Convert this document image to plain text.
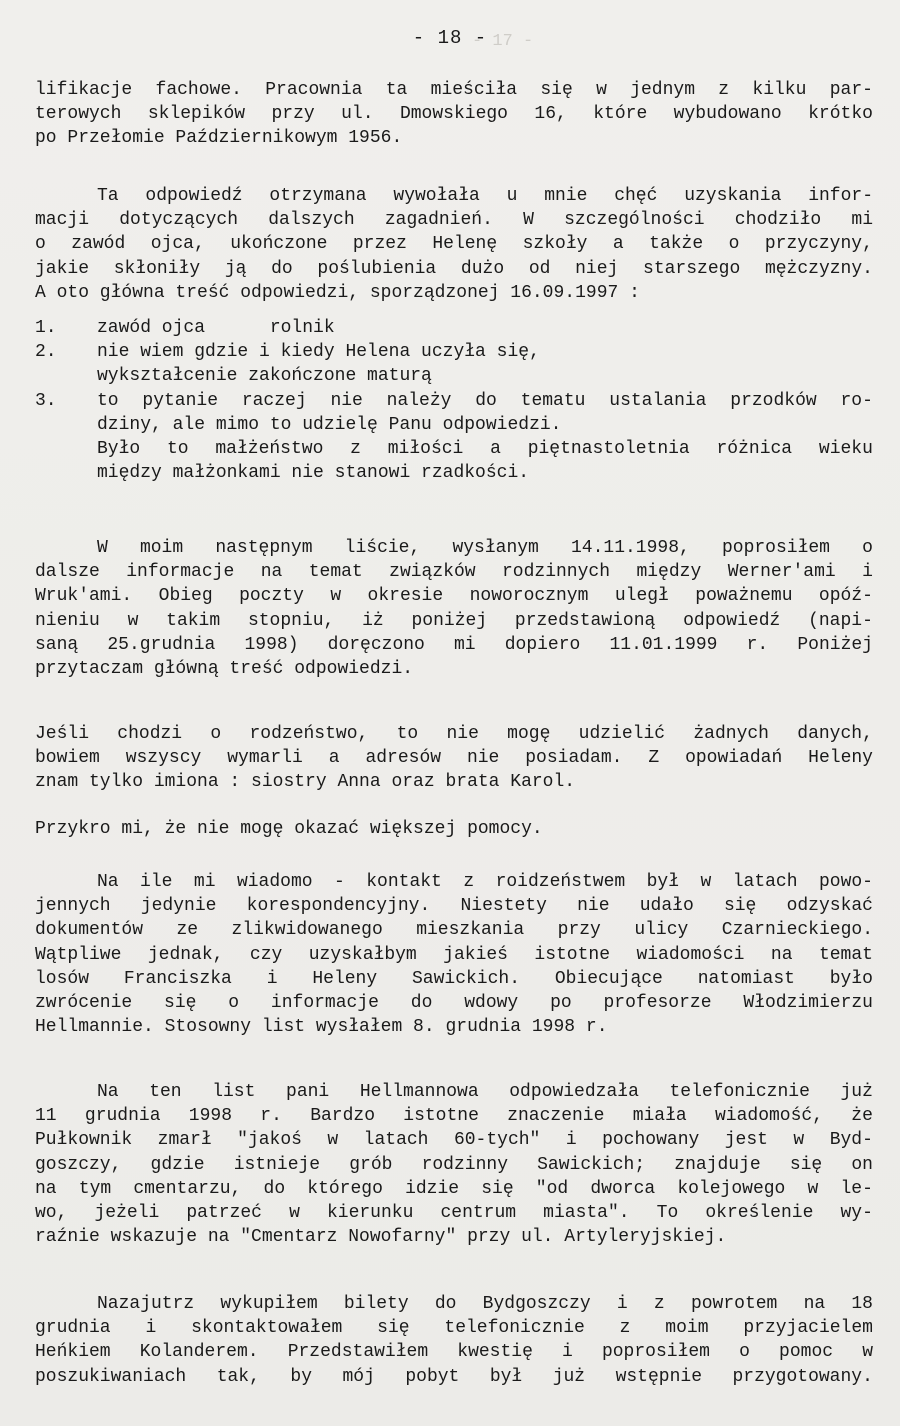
- 17 -
- 18 -
lifikacje fachowe. Pracownia ta mieściła się w jednym z kilku par-
terowych sklepików przy ul. Dmowskiego 16, które wybudowano krótko
po Przełomie Październikowym 1956.
Ta odpowiedź otrzymana wywołała u mnie chęć uzyskania infor-
macji dotyczących dalszych zagadnień. W szczególności chodziło mi
o zawód ojca, ukończone przez Helenę szkoły a także o przyczyny,
jakie skłoniły ją do poślubienia dużo od niej starszego mężczyzny.
A oto główna treść odpowiedzi, sporządzonej 16.09.1997 :
1.	zawód ojca      rolnik
2.	nie wiem gdzie i kiedy Helena uczyła się,
wykształcenie zakończone maturą
3.	to pytanie raczej nie należy do tematu ustalania przodków ro-
dziny, ale mimo to udzielę Panu odpowiedzi.
Było to małżeństwo z miłości a piętnastoletnia różnica wieku
między małżonkami nie stanowi rzadkości.
W moim następnym liście, wysłanym 14.11.1998, poprosiłem o
dalsze informacje na temat związków rodzinnych między Werner'ami i
Wruk'ami. Obieg poczty w okresie noworocznym uległ poważnemu opóź-
nieniu w takim stopniu, iż poniżej przedstawioną odpowiedź (napi-
saną 25.grudnia 1998) doręczono mi dopiero 11.01.1999 r. Poniżej
przytaczam główną treść odpowiedzi.
Jeśli chodzi o rodzeństwo, to nie mogę udzielić żadnych danych,
bowiem wszyscy wymarli a adresów nie posiadam. Z opowiadań Heleny
znam tylko imiona : siostry Anna oraz brata Karol.
Przykro mi, że nie mogę okazać większej pomocy.
Na ile mi wiadomo - kontakt z roidzeństwem był w latach powo-
jennych jedynie korespondencyjny. Niestety nie udało się odzyskać
dokumentów ze zlikwidowanego mieszkania przy ulicy Czarnieckiego.
Wątpliwe jednak, czy uzyskałbym jakieś istotne wiadomości na temat
losów Franciszka i Heleny Sawickich. Obiecujące natomiast było
zwrócenie się o informacje do wdowy po profesorze Włodzimierzu
Hellmannie. Stosowny list wysłałem 8. grudnia 1998 r.
Na ten list pani Hellmannowa odpowiedzała telefonicznie już
11 grudnia 1998 r. Bardzo istotne znaczenie miała wiadomość, że
Pułkownik zmarł "jakoś w latach 60-tych" i pochowany jest w Byd-
goszczy, gdzie istnieje grób rodzinny Sawickich; znajduje się on
na tym cmentarzu, do którego idzie się "od dworca kolejowego w le-
wo, jeżeli patrzeć w kierunku centrum miasta". To określenie wy-
raźnie wskazuje na "Cmentarz Nowofarny" przy ul. Artyleryjskiej.
Nazajutrz wykupiłem bilety do Bydgoszczy i z powrotem na 18
grudnia i skontaktowałem się telefonicznie z moim przyjacielem
Heńkiem Kolanderem. Przedstawiłem kwestię i poprosiłem o pomoc w
poszukiwaniach tak, by mój pobyt był już wstępnie przygotowany.
